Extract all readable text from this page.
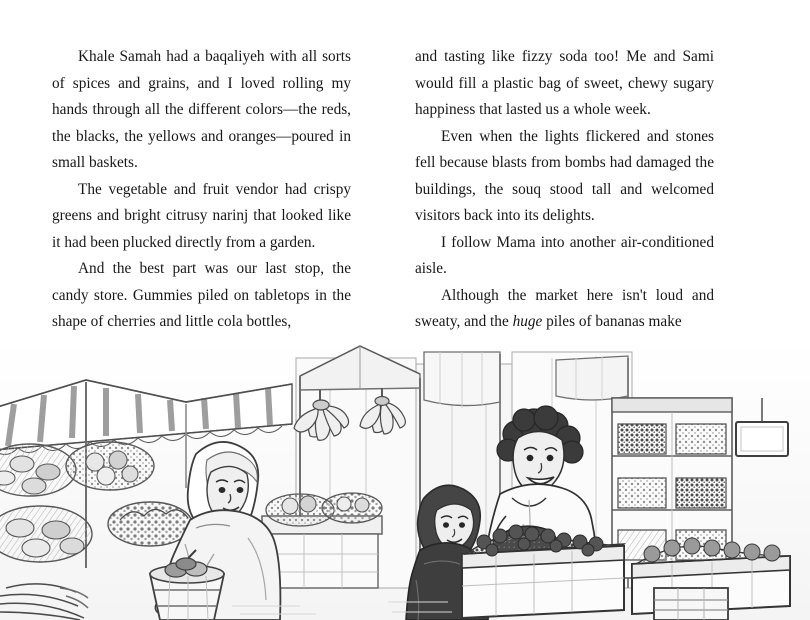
Khale Samah had a baqaliyeh with all sorts of spices and grains, and I loved rolling my hands through all the different colors—the reds, the blacks, the yellows and oranges—poured in small baskets.

The vegetable and fruit vendor had crispy greens and bright citrusy narinj that looked like it had been plucked directly from a garden.

And the best part was our last stop, the candy store. Gummies piled on tabletops in the shape of cherries and little cola bottles,

and tasting like fizzy soda too! Me and Sami would fill a plastic bag of sweet, chewy sugary happiness that lasted us a whole week.

Even when the lights flickered and stones fell because blasts from bombs had damaged the buildings, the souq stood tall and welcomed visitors back into its delights.

I follow Mama into another air-conditioned aisle.

Although the market here isn't loud and sweaty, and the huge piles of bananas make
